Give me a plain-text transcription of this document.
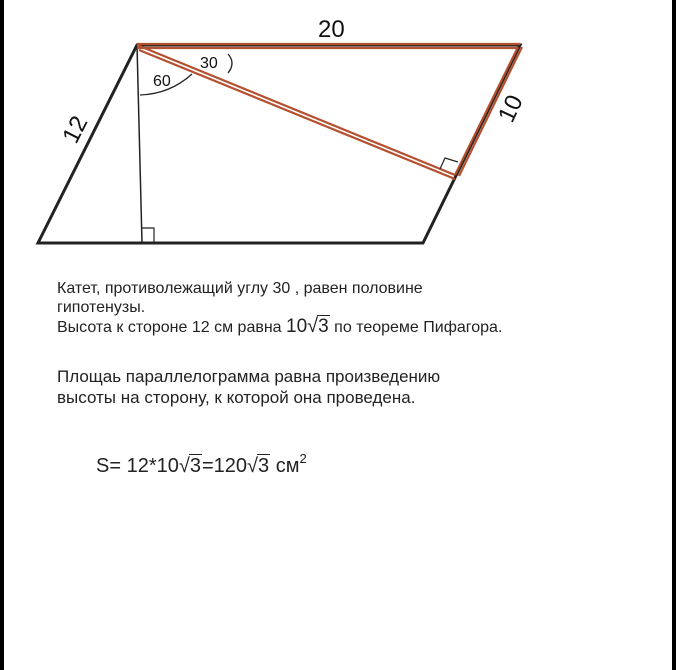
20
12
10
30
60
Катет, противолежащий углу 30 , равен половине
гипотенузы.
Высота к стороне 12 см равна 10√3 по теореме Пифагора.
Площаь параллелограмма равна произведению
высоты на сторону, к которой она проведена.
S= 12*10√3=120√3 $см^2$
